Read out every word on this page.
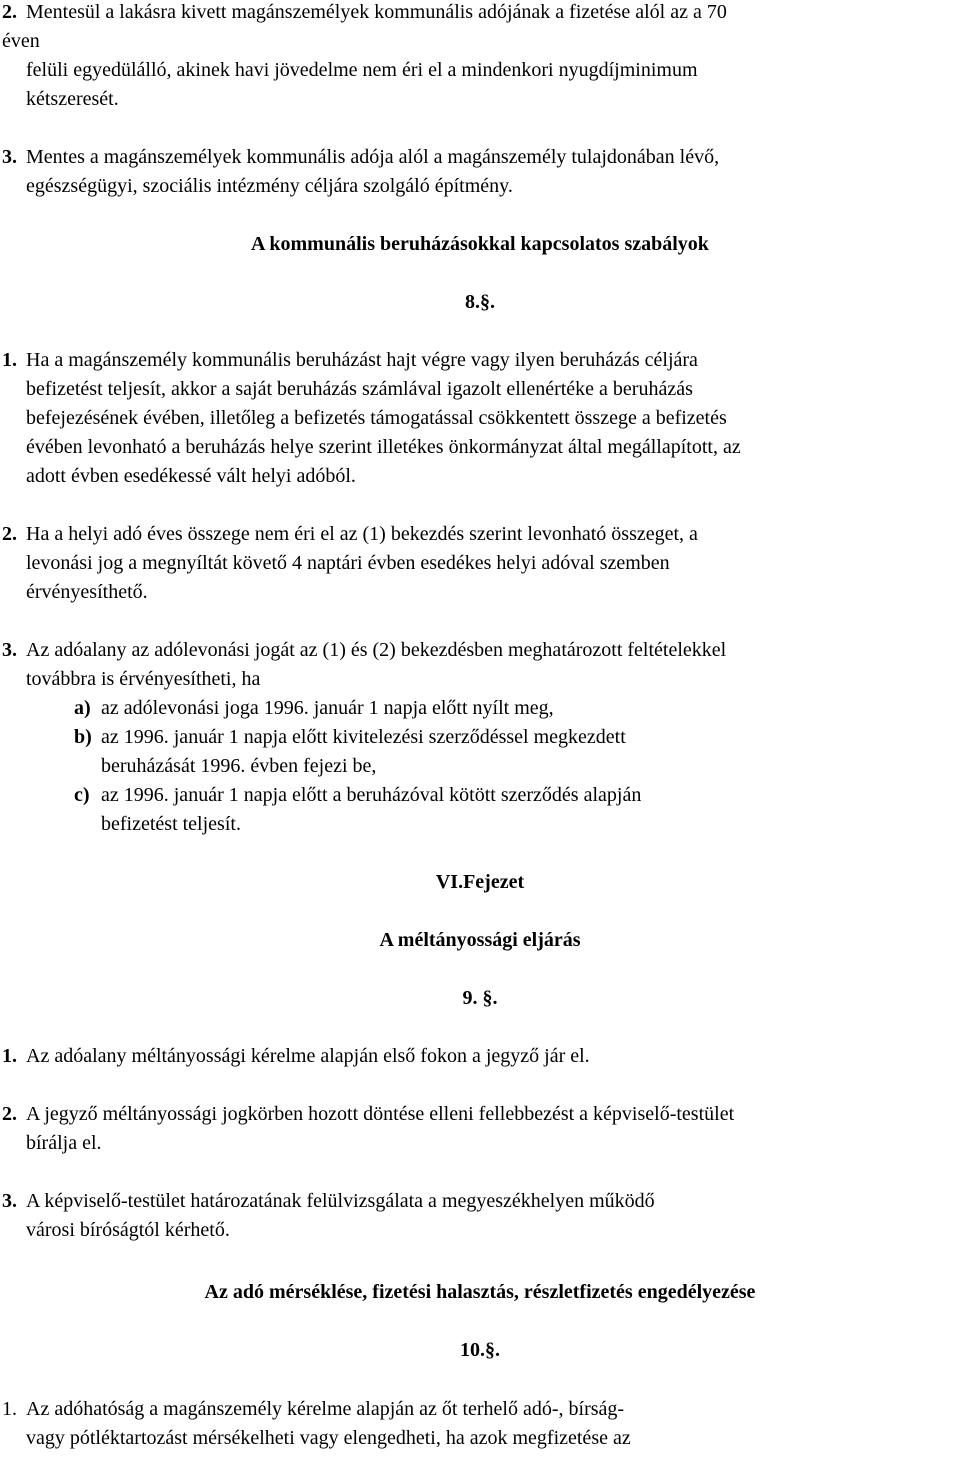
2. Mentesül a lakásra kivett magánszemélyek kommunális adójának a fizetése alól az a 70
éven
felüli egyedülálló, akinek havi jövedelme nem éri el a mindenkori nyugdíjminimum
kétszeresét.
3. Mentes a magánszemélyek kommunális adója alól a magánszemély tulajdonában lévő,
egészségügyi, szociális intézmény céljára szolgáló építmény.
A kommunális beruházásokkal kapcsolatos szabályok
8.§.
1. Ha a magánszemély kommunális beruházást hajt végre vagy ilyen beruházás céljára
befizetést teljesít, akkor a saját beruházás számlával igazolt ellenértéke a beruházás
befejezésének évében, illetőleg a befizetés támogatással csökkentett összege a befizetés
évében levonható a beruházás helye szerint illetékes önkormányzat által megállapított, az
adott évben esedékessé vált helyi adóból.
2. Ha a helyi adó éves összege nem éri el az (1) bekezdés szerint levonható összeget, a
levonási jog a megnyíltát követő 4 naptári évben esedékes helyi adóval szemben
érvényesíthető.
3. Az adóalany az adólevonási jogát az (1) és (2) bekezdésben meghatározott feltételekkel
továbbra is érvényesítheti, ha
a) az adólevonási joga 1996. január 1 napja előtt nyílt meg,
b) az 1996. január 1 napja előtt kivitelezési szerződéssel megkezdett
beruházását 1996. évben fejezi be,
c) az 1996. január 1 napja előtt a beruházóval kötött szerződés alapján
befizetést teljesít.
VI.Fejezet
A méltányossági eljárás
9. §.
1. Az adóalany méltányossági kérelme alapján első fokon a jegyző jár el.
2. A jegyző méltányossági jogkörben hozott döntése elleni fellebbezést a képviselő-testület
bírálja el.
3. A képviselő-testület határozatának felülvizsgálata a megyeszékhelyen működő
városi bíróságtól kérhető.
Az adó mérséklése, fizetési halasztás, részletfizetés engedélyezése
10.§.
1. Az adóhatóság a magánszemély kérelme alapján az őt terhelő adó-, bírság-
vagy pótléktartozást mérsékelheti vagy elengedheti, ha azok megfizetése az
